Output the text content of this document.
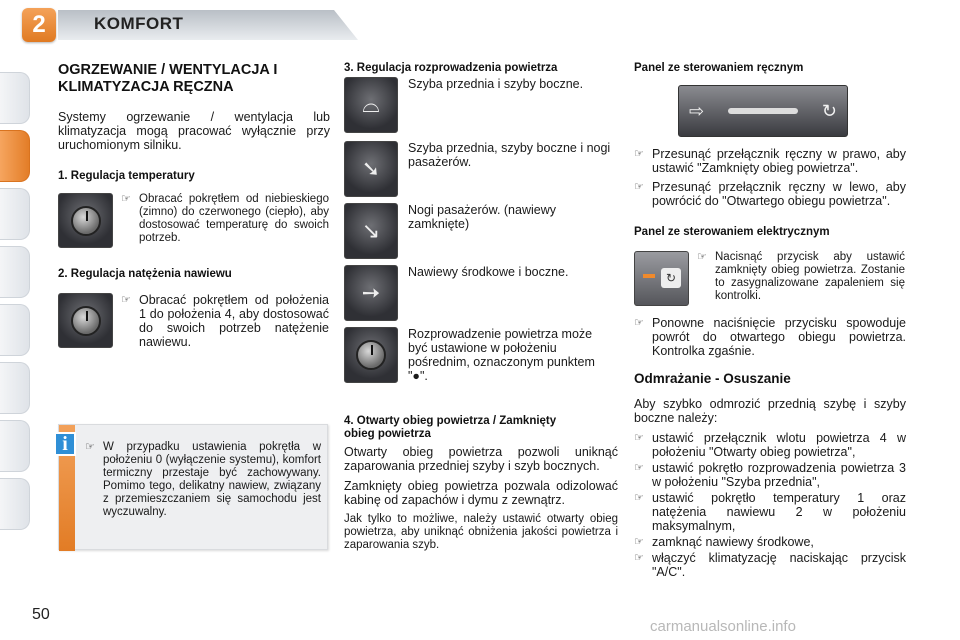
2	KOMFORT
OGRZEWANIE / WENTYLACJA I KLIMATYZACJA RĘCZNA

Systemy ogrzewanie / wentylacja lub klimatyzacja mogą pracować wyłącznie przy uruchomionym silniku.

1. Regulacja temperatury
☞ Obracać pokrętłem od niebieskiego (zimno) do czerwonego (ciepło), aby dostosować temperaturę do swoich potrzeb.
2. Regulacja natężenia nawiewu
☞ Obracać pokrętłem od położenia 1 do położenia 4, aby dostosować do swoich potrzeb natężenie nawiewu.
☞ W przypadku ustawienia pokrętła w położeniu 0 (wyłączenie systemu), komfort termiczny przestaje być zachowywany. Pomimo tego, delikatny nawiew, związany z przemieszczaniem się samochodu jest wyczuwalny.
i
3. Regulacja rozprowadzenia powietrza
⌓
Szyba przednia i szyby boczne.
➘
Szyba przednia, szyby boczne i nogi pasażerów.
↘
Nogi pasażerów. (nawiewy zamknięte)
➙
Nawiewy środkowe i boczne.
Rozprowadzenie powietrza może być ustawione w położeniu pośrednim, oznaczonym punktem "●".
4. Otwarty obieg powietrza / Zamknięty obieg powietrza

Otwarty obieg powietrza pozwoli uniknąć zaparowania przedniej szyby i szyb bocznych.

Zamknięty obieg powietrza pozwala odizolować kabinę od zapachów i dymu z zewnątrz.

Jak tylko to możliwe, należy ustawić otwarty obieg powietrza, aby uniknąć obniżenia jakości powietrza i zaparowania szyb.

Panel ze sterowaniem ręcznym
⇨	↻
☞ Przesunąć przełącznik ręczny w prawo, aby ustawić "Zamknięty obieg powietrza".
☞ Przesunąć przełącznik ręczny w lewo, aby powrócić do "Otwartego obiegu powietrza".
Panel ze sterowaniem elektrycznym
↻
☞ Nacisnąć przycisk aby ustawić zamknięty obieg powietrza. Zostanie to zasygnalizowane zapaleniem się kontrolki.
☞ Ponowne naciśnięcie przycisku spowoduje powrót do otwartego obiegu powietrza. Kontrolka zgaśnie.
Odmrażanie - Osuszanie

Aby szybko odmrozić przednią szybę i szyby boczne należy:

☞ ustawić przełącznik wlotu powietrza 4 w położeniu "Otwarty obieg powietrza",
☞ ustawić pokrętło rozprowadzenia powietrza 3 w położeniu "Szyba przednia",
☞ ustawić pokrętło temperatury 1 oraz natężenia nawiewu 2 w położeniu maksymalnym,
☞ zamknąć nawiewy środkowe,
☞ włączyć klimatyzację naciskając przycisk "A/C".
50
carmanualsonline.info
